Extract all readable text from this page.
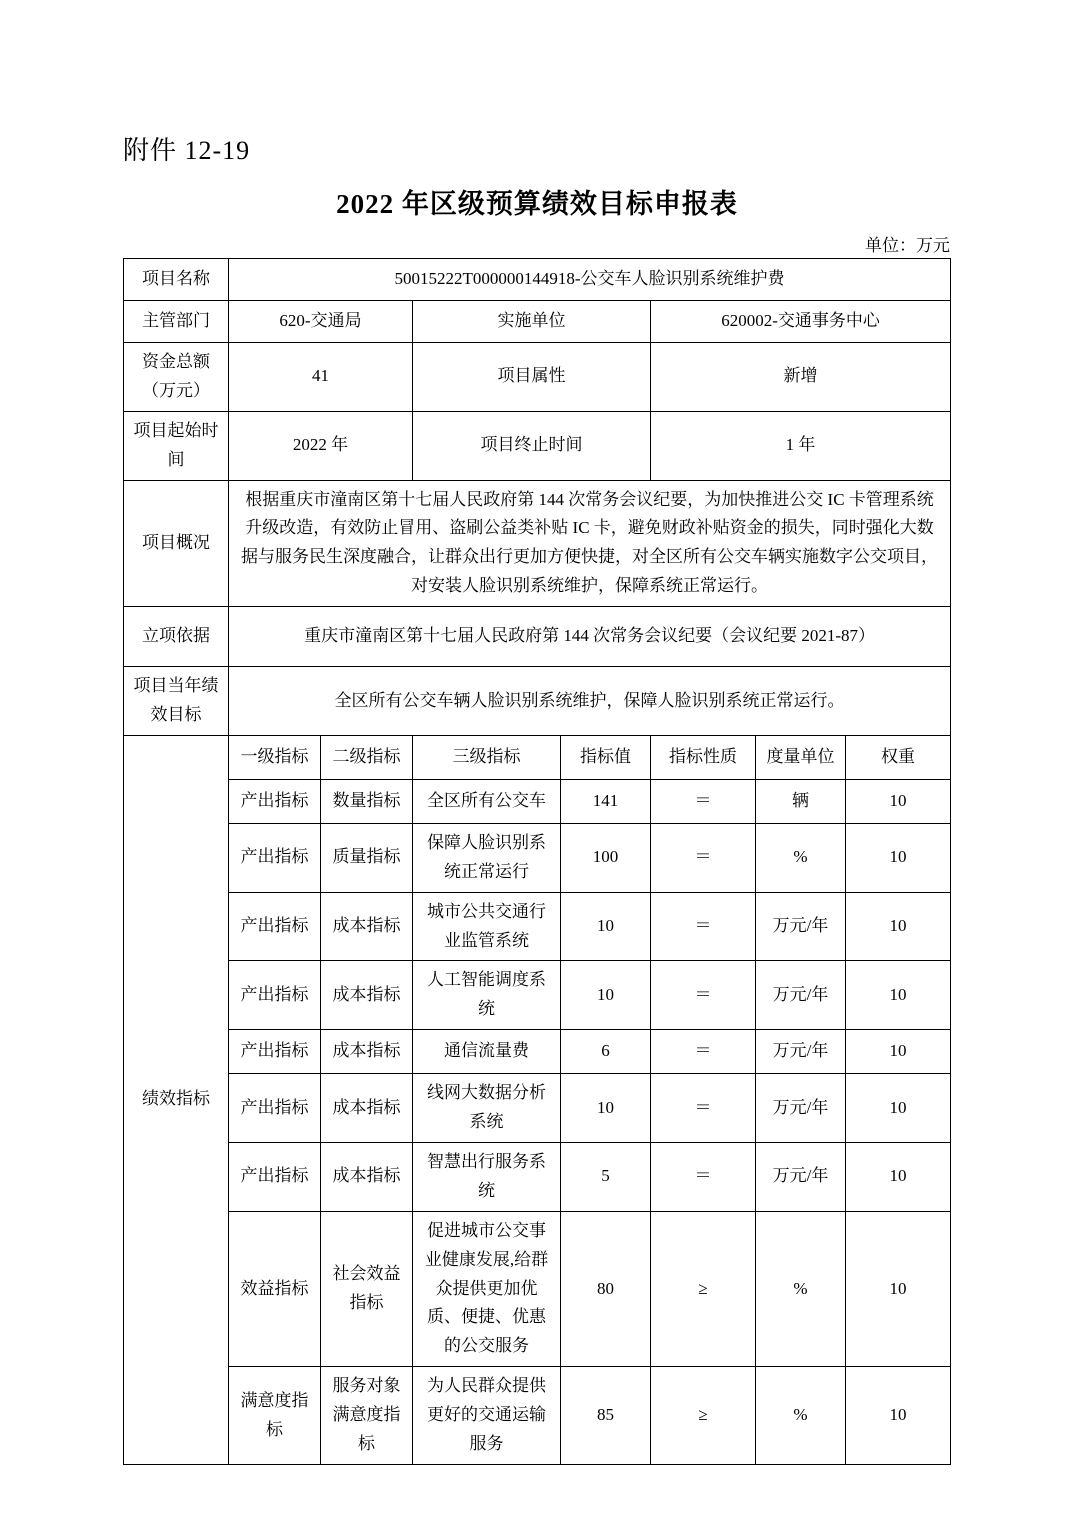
附件 12-19
2022 年区级预算绩效目标申报表
单位：万元
项目名称	50015222T000000144918-公交车人脸识别系统维护费						
主管部门	620-交通局		实施单位		620002-交通事务中心		
资金总额（万元）	41		项目属性		新增		
项目起始时间	2022 年		项目终止时间		1 年		
项目概况	根据重庆市潼南区第十七届人民政府第 144 次常务会议纪要，为加快推进公交 IC 卡管理系统升级改造，有效防止冒用、盗刷公益类补贴 IC 卡，避免财政补贴资金的损失，同时强化大数据与服务民生深度融合，让群众出行更加方便快捷，对全区所有公交车辆实施数字公交项目，对安装人脸识别系统维护，保障系统正常运行。						
立项依据	重庆市潼南区第十七届人民政府第 144 次常务会议纪要（会议纪要 2021-87）						
项目当年绩效目标	全区所有公交车辆人脸识别系统维护，保障人脸识别系统正常运行。						
绩效指标	一级指标	二级指标	三级指标	指标值	指标性质	度量单位	权重
	产出指标	数量指标	全区所有公交车	141	＝	辆	10
	产出指标	质量指标	保障人脸识别系统正常运行	100	＝	%	10
	产出指标	成本指标	城市公共交通行业监管系统	10	＝	万元/年	10
	产出指标	成本指标	人工智能调度系统	10	＝	万元/年	10
	产出指标	成本指标	通信流量费	6	＝	万元/年	10
	产出指标	成本指标	线网大数据分析系统	10	＝	万元/年	10
	产出指标	成本指标	智慧出行服务系统	5	＝	万元/年	10
	效益指标	社会效益指标	促进城市公交事业健康发展,给群众提供更加优质、便捷、优惠的公交服务	80	≥	%	10
	满意度指标	服务对象满意度指标	为人民群众提供更好的交通运输服务	85	≥	%	10
